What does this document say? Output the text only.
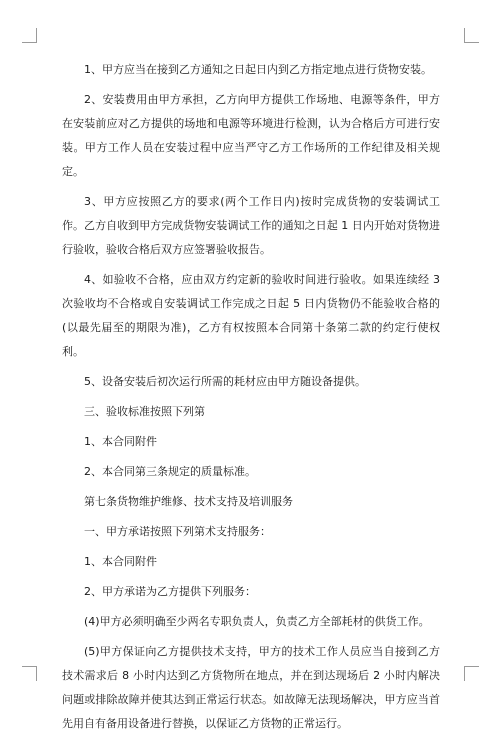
1、甲方应当在接到乙方通知之日起日内到乙方指定地点进行货物安装。

2、安装费用由甲方承担，乙方向甲方提供工作场地、电源等条件，甲方在安装前应对乙方提供的场地和电源等环境进行检测，认为合格后方可进行安装。甲方工作人员在安装过程中应当严守乙方工作场所的工作纪律及相关规定。

3、甲方应按照乙方的要求(两个工作日内)按时完成货物的安装调试工作。乙方自收到甲方完成货物安装调试工作的通知之日起 1 日内开始对货物进行验收，验收合格后双方应签署验收报告。

4、如验收不合格，应由双方约定新的验收时间进行验收。如果连续经 3 次验收均不合格或自安装调试工作完成之日起 5 日内货物仍不能验收合格的(以最先届至的期限为准)，乙方有权按照本合同第十条第二款的约定行使权利。

5、设备安装后初次运行所需的耗材应由甲方随设备提供。

三、验收标准按照下列第

1、本合同附件

2、本合同第三条规定的质量标准。

第七条货物维护维修、技术支持及培训服务

一、甲方承诺按照下列第术支持服务：

1、本合同附件

2、甲方承诺为乙方提供下列服务：

(4)甲方必须明确至少两名专职负责人，负责乙方全部耗材的供货工作。

(5)甲方保证向乙方提供技术支持，甲方的技术工作人员应当自接到乙方技术需求后 8 小时内达到乙方货物所在地点，并在到达现场后 2 小时内解决问题或排除故障并使其达到正常运行状态。如故障无法现场解决，甲方应当首先用自有备用设备进行替换，以保证乙方货物的正常运行。
